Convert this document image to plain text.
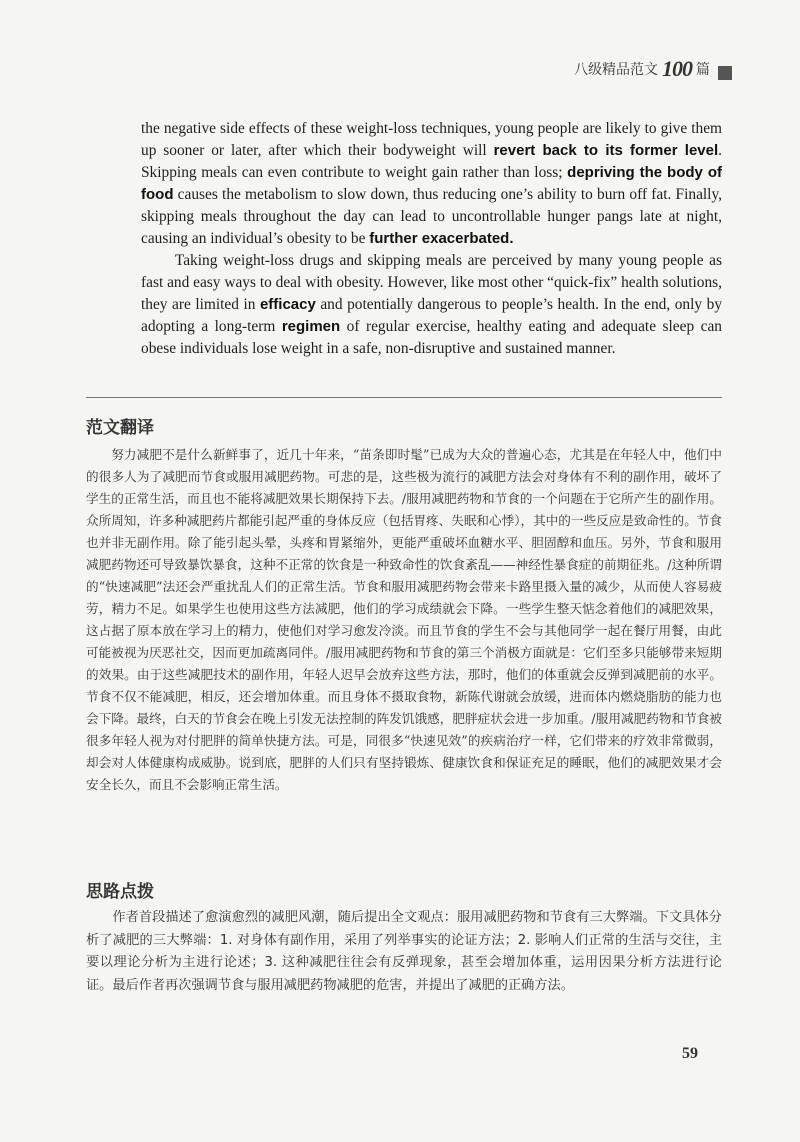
八级精品范文 100 篇

the negative side effects of these weight-loss techniques, young people are likely to give them up sooner or later, after which their bodyweight will revert back to its former level. Skipping meals can even contribute to weight gain rather than loss; depriving the body of food causes the metabolism to slow down, thus reducing one’s ability to burn off fat. Finally, skipping meals throughout the day can lead to uncontrollable hunger pangs late at night, causing an individual’s obesity to be further exacerbated.

Taking weight-loss drugs and skipping meals are perceived by many young people as fast and easy ways to deal with obesity. However, like most other “quick-fix” health solutions, they are limited in efficacy and potentially dangerous to people’s health. In the end, only by adopting a long-term regimen of regular exercise, healthy eating and adequate sleep can obese individuals lose weight in a safe, non-disruptive and sustained manner.

范文翻译

努力减肥不是什么新鲜事了，近几十年来，“苗条即时髦”已成为大众的普遍心态，尤其是在年轻人中，他们中的很多人为了减肥而节食或服用减肥药物。可悲的是，这些极为流行的减肥方法会对身体有不利的副作用，破坏了学生的正常生活，而且也不能将减肥效果长期保持下去。/服用减肥药物和节食的一个问题在于它所产生的副作用。众所周知，许多种减肥药片都能引起严重的身体反应（包括胃疼、失眠和心悸），其中的一些反应是致命性的。节食也并非无副作用。除了能引起头晕，头疼和胃紧缩外，更能严重破坏血糖水平、胆固醇和血压。另外，节食和服用减肥药物还可导致暴饮暴食，这种不正常的饮食是一种致命性的饮食紊乱——神经性暴食症的前期征兆。/这种所谓的“快速减肥”法还会严重扰乱人们的正常生活。节食和服用减肥药物会带来卡路里摄入量的减少，从而使人容易疲劳，精力不足。如果学生也使用这些方法减肥，他们的学习成绩就会下降。一些学生整天惦念着他们的减肥效果，这占据了原本放在学习上的精力，使他们对学习愈发冷淡。而且节食的学生不会与其他同学一起在餐厅用餐，由此可能被视为厌恶社交，因而更加疏离同伴。/服用减肥药物和节食的第三个消极方面就是：它们至多只能够带来短期的效果。由于这些减肥技术的副作用，年轻人迟早会放弃这些方法，那时，他们的体重就会反弹到减肥前的水平。节食不仅不能减肥，相反，还会增加体重。而且身体不摄取食物，新陈代谢就会放缓，进而体内燃烧脂肪的能力也会下降。最终，白天的节食会在晚上引发无法控制的阵发饥饿感，肥胖症状会进一步加重。/服用减肥药物和节食被很多年轻人视为对付肥胖的简单快捷方法。可是，同很多“快速见效”的疾病治疗一样，它们带来的疗效非常微弱，却会对人体健康构成威胁。说到底，肥胖的人们只有坚持锻炼、健康饮食和保证充足的睡眠，他们的减肥效果才会安全长久，而且不会影响正常生活。

思路点拨

作者首段描述了愈演愈烈的减肥风潮，随后提出全文观点：服用减肥药物和节食有三大弊端。下文具体分析了减肥的三大弊端：1. 对身体有副作用，采用了列举事实的论证方法；2. 影响人们正常的生活与交往，主要以理论分析为主进行论述；3. 这种减肥往往会有反弹现象，甚至会增加体重，运用因果分析方法进行论证。最后作者再次强调节食与服用减肥药物减肥的危害，并提出了减肥的正确方法。

59
